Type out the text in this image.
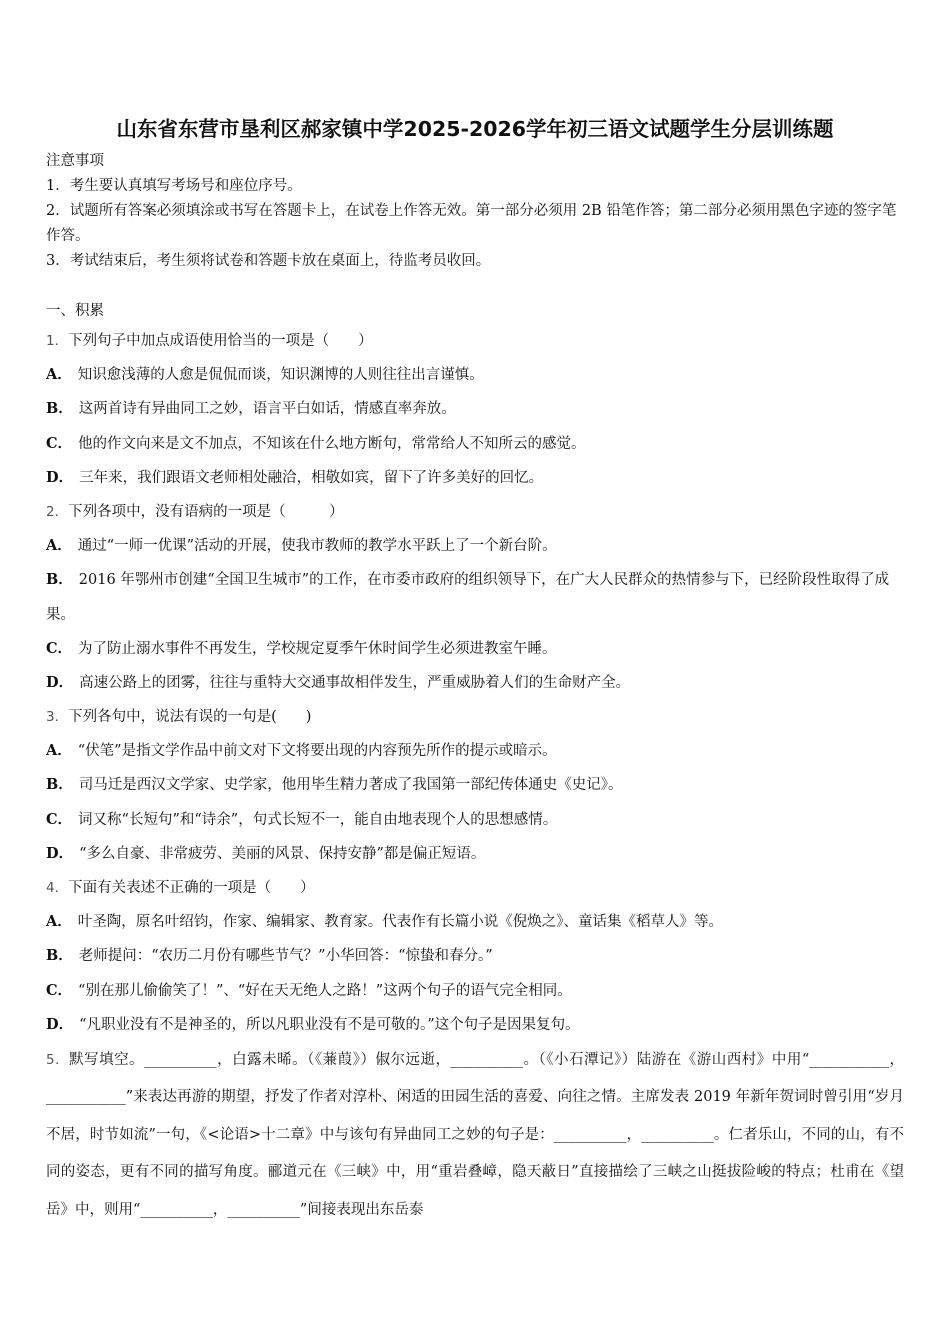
山东省东营市垦利区郝家镇中学2025-2026学年初三语文试题学生分层训练题
注意事项
1．考生要认真填写考场号和座位序号。
2．试题所有答案必须填涂或书写在答题卡上，在试卷上作答无效。第一部分必须用 2B 铅笔作答；第二部分必须用黑色字迹的签字笔作答。
3．考试结束后，考生须将试卷和答题卡放在桌面上，待监考员收回。
一、积累
1．下列句子中加点成语使用恰当的一项是（　　）
A． 知识愈浅薄的人愈是侃侃而谈，知识渊博的人则往往出言谨慎。
B． 这两首诗有异曲同工之妙，语言平白如话，情感直率奔放。
C． 他的作文向来是文不加点，不知该在什么地方断句，常常给人不知所云的感觉。
D． 三年来，我们跟语文老师相处融洽，相敬如宾，留下了许多美好的回忆。
2．下列各项中，没有语病的一项是（　　　）
A． 通过“一师一优课”活动的开展，使我市教师的教学水平跃上了一个新台阶。
B． 2016 年鄂州市创建“全国卫生城市”的工作，在市委市政府的组织领导下，在广大人民群众的热情参与下，已经阶段性取得了成果。
C． 为了防止溺水事件不再发生，学校规定夏季午休时间学生必须进教室午睡。
D． 高速公路上的团雾，往往与重特大交通事故相伴发生，严重威胁着人们的生命财产全。
3．下列各句中，说法有误的一句是(　　)
A． “伏笔”是指文学作品中前文对下文将要出现的内容预先所作的提示或暗示。
B． 司马迁是西汉文学家、史学家，他用毕生精力著成了我国第一部纪传体通史《史记》。
C． 词又称“长短句”和“诗余”，句式长短不一，能自由地表现个人的思想感情。
D． “多么自豪、非常疲劳、美丽的风景、保持安静”都是偏正短语。
4．下面有关表述不正确的一项是（　　）
A． 叶圣陶，原名叶绍钧，作家、编辑家、教育家。代表作有长篇小说《倪焕之》、童话集《稻草人》等。
B． 老师提问：“农历二月份有哪些节气？”小华回答：“惊蛰和春分。”
C． “别在那儿偷偷笑了！”、“好在天无绝人之路！”这两个句子的语气完全相同。
D． “凡职业没有不是神圣的，所以凡职业没有不是可敬的。”这个句子是因果复句。
5．默写填空。__________，白露未晞。（《蒹葭》）俶尔远逝，__________。（《小石潭记》）陆游在《游山西村》中用“___________，___________”来表达再游的期望，抒发了作者对淳朴、闲适的田园生活的喜爱、向往之情。主席发表 2019 年新年贺词时曾引用“岁月不居，时节如流”一句，《<论语>十二章》中与该句有异曲同工之妙的句子是：__________，__________。仁者乐山，不同的山，有不同的姿态，更有不同的描写角度。郦道元在《三峡》中，用“重岩叠嶂，隐天蔽日”直接描绘了三峡之山挺拔险峻的特点；杜甫在《望岳》中，则用“__________，__________”间接表现出东岳泰
